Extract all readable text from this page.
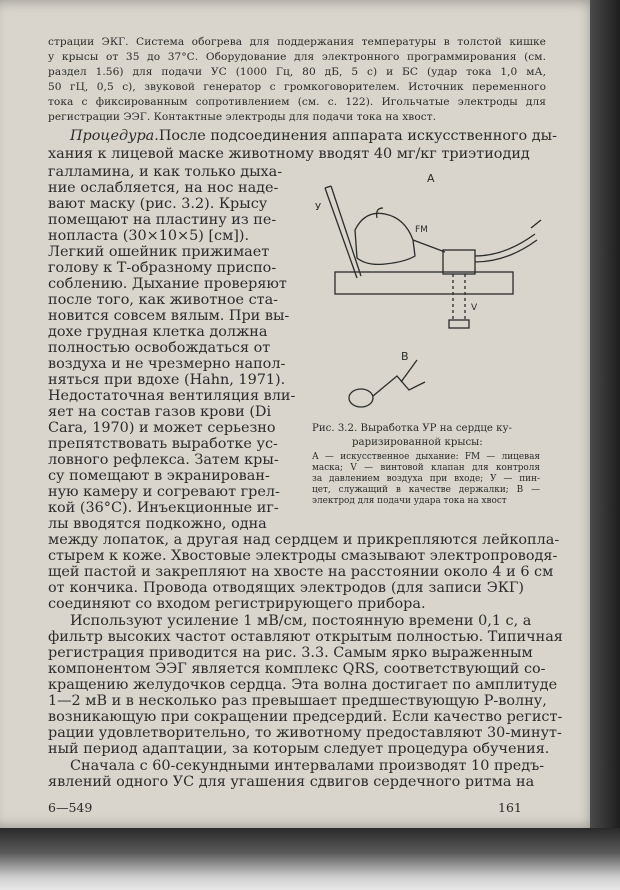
страции ЭКГ. Система обогрева для поддержания температуры в толстой кишке
у крысы от 35 до 37°С. Оборудование для электронного программирования (см.
раздел 1.56) для подачи УС (1000 Гц, 80 дБ, 5 с) и БС (удар тока 1,0 мА,
50 гЦ, 0,5 с), звуковой генератор с громкоговорителем. Источник переменного
тока с фиксированным сопротивлением (см. с. 122). Игольчатые электроды для
регистрации ЭЭГ. Контактные электроды для подачи тока на хвост.
Процедура. После подсоединения аппарата искусственного ды-
хания к лицевой маске животному вводят 40 мг/кг триэтиодид
галламина, и как только дыха-
ние ослабляется, на нос наде-
вают маску (рис. 3.2). Крысу
помещают на пластину из пе-
нопласта (30×10×5) [см]).
Легкий ошейник прижимает
голову к Т-образному приспо-
соблению. Дыхание проверяют
после того, как животное ста-
новится совсем вялым. При вы-
доxе грудная клетка должна
полностью освобождаться от
воздуха и не чрезмерно напол-
няться при вдохе (Hahn, 1971).
Недостаточная вентиляция вли-
яет на состав газов крови (Di
Cara, 1970) и может серьезно
препятствовать выработке ус-
ловного рефлекса. Затем кры-
су помещают в экранирован-
ную камеру и согревают грел-
кой (36°С). Инъекционные иг-
лы вводятся подкожно, одна
А
У
FM
V
В
Рис. 3.2. Выработка УР на сердце ку-
раризированной крысы:
А — искусственное дыхание: FM — лицевая
маска; V — винтовой клапан для контроля
за давлением воздуха при входе; У — пин-
цет, служащий в качестве держалки; В —
электрод для подачи удара тока на хвост
между лопаток, а другая над сердцем и прикрепляются лейкопла-
стырем к коже. Хвостовые электроды смазывают электропроводя-
щей пастой и закрепляют на хвосте на расстоянии около 4 и 6 см
от кончика. Провода отводящих электродов (для записи ЭКГ)
соединяют со входом регистрирующего прибора.
Используют усиление 1 мВ/см, постоянную времени 0,1 с, а
фильтр высоких частот оставляют открытым полностью. Типичная
регистрация приводится на рис. 3.3. Самым ярко выраженным
компонентом ЭЭГ является комплекс QRS, соответствующий со-
кращению желудочков сердца. Эта волна достигает по амплитуде
1—2 мВ и в несколько раз превышает предшествующую Р-волну,
возникающую при сокращении предсердий. Если качество регист-
рации удовлетворительно, то животному предоставляют 30-минут-
ный период адаптации, за которым следует процедура обучения.
Сначала с 60-секундными интервалами производят 10 предъ-
явлений одного УС для угашения сдвигов сердечного ритма на
6—549	161
